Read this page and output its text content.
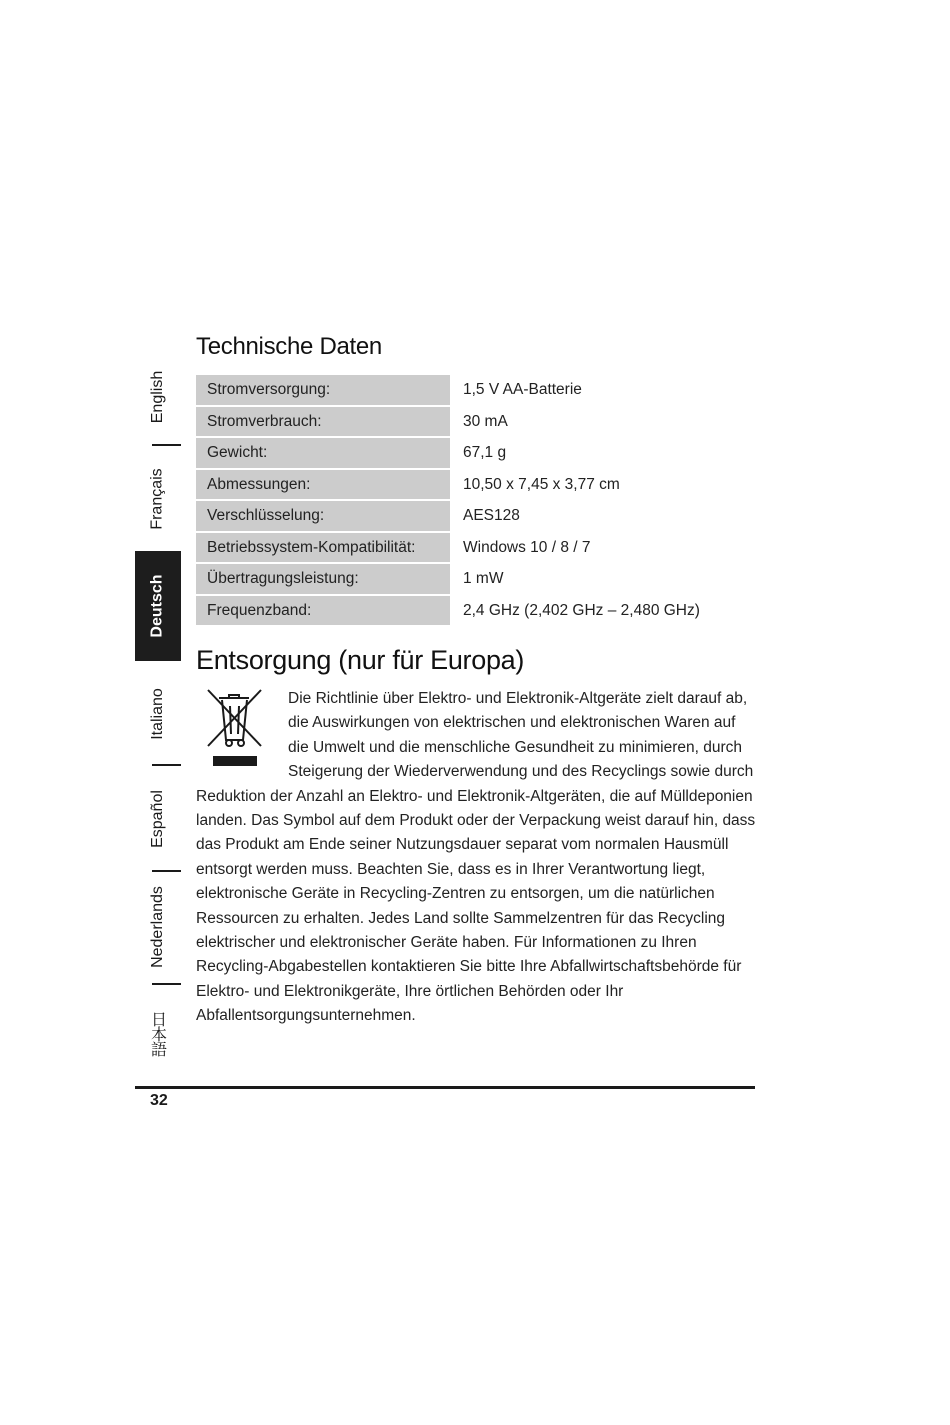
English
Français
Deutsch
Italiano
Español
Nederlands
日本語
Technische Daten
Stromversorgung:	1,5 V AA-Batterie
Stromverbrauch:	30 mA
Gewicht:	67,1 g
Abmessungen:	10,50 x 7,45 x 3,77 cm
Verschlüsselung:	AES128
Betriebssystem-Kompatibilität:	Windows 10 / 8 / 7
Übertragungsleistung:	1 mW
Frequenzband:	2,4 GHz (2,402 GHz – 2,480 GHz)
Entsorgung (nur für Europa)

Die Richtlinie über Elektro- und Elektronik-Altgeräte zielt darauf ab, die Auswirkungen von elektrischen und elektronischen Waren auf die Umwelt und die menschliche Gesundheit zu minimieren, durch Steigerung der Wiederverwendung und des Recyclings sowie durch Reduktion der Anzahl an Elektro- und Elektronik-Altgeräten, die auf Mülldeponien landen. Das Symbol auf dem Produkt oder der Verpackung weist darauf hin, dass das Produkt am Ende seiner Nutzungsdauer separat vom normalen Hausmüll entsorgt werden muss. Beachten Sie, dass es in Ihrer Verantwortung liegt, elektronische Geräte in Recycling-Zentren zu entsorgen, um die natürlichen Ressourcen zu erhalten. Jedes Land sollte Sammelzentren für das Recycling elektrischer und elektronischer Geräte haben. Für Informationen zu Ihren Recycling-Abgabestellen kontaktieren Sie bitte Ihre Abfallwirtschaftsbehörde für Elektro- und Elektronikgeräte, Ihre örtlichen Behörden oder Ihr Abfallentsorgungsunternehmen.

32
